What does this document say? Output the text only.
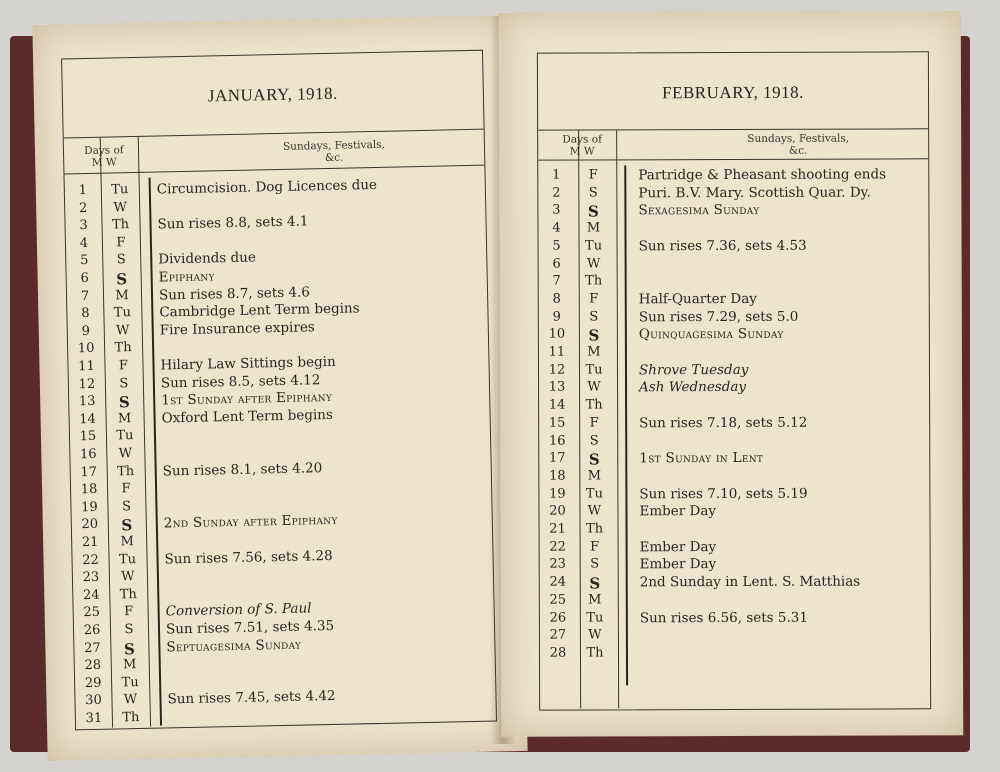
JANUARY, 1918.
Days of
M W
Sundays, Festivals,
&c.
1	Tu	Circumcision. Dog Licences due
2	W
3	Th	Sun rises 8.8, sets 4.1
4	F
5	S	Dividends due
6	S	Epiphany
7	M	Sun rises 8.7, sets 4.6
8	Tu	Cambridge Lent Term begins
9	W	Fire Insurance expires
10	Th
11	F	Hilary Law Sittings begin
12	S	Sun rises 8.5, sets 4.12
13	S	1st Sunday after Epiphany
14	M	Oxford Lent Term begins
15	Tu
16	W
17	Th	Sun rises 8.1, sets 4.20
18	F
19	S
20	S	2nd Sunday after Epiphany
21	M
22	Tu	Sun rises 7.56, sets 4.28
23	W
24	Th
25	F	Conversion of S. Paul
26	S	Sun rises 7.51, sets 4.35
27	S	Septuagesima Sunday
28	M
29	Tu
30	W	Sun rises 7.45, sets 4.42
31	Th
FEBRUARY, 1918.
Days of
M W
Sundays, Festivals,
&c.
1	F	Partridge & Pheasant shooting ends
2	S	Puri. B.V. Mary. Scottish Quar. Dy.
3	S	Sexagesima Sunday
4	M
5	Tu	Sun rises 7.36, sets 4.53
6	W
7	Th
8	F	Half-Quarter Day
9	S	Sun rises 7.29, sets 5.0
10	S	Quinquagesima Sunday
11	M
12	Tu	Shrove Tuesday
13	W	Ash Wednesday
14	Th
15	F	Sun rises 7.18, sets 5.12
16	S
17	S	1st Sunday in Lent
18	M
19	Tu	Sun rises 7.10, sets 5.19
20	W	Ember Day
21	Th
22	F	Ember Day
23	S	Ember Day
24	S	2nd Sunday in Lent. S. Matthias
25	M
26	Tu	Sun rises 6.56, sets 5.31
27	W
28	Th
